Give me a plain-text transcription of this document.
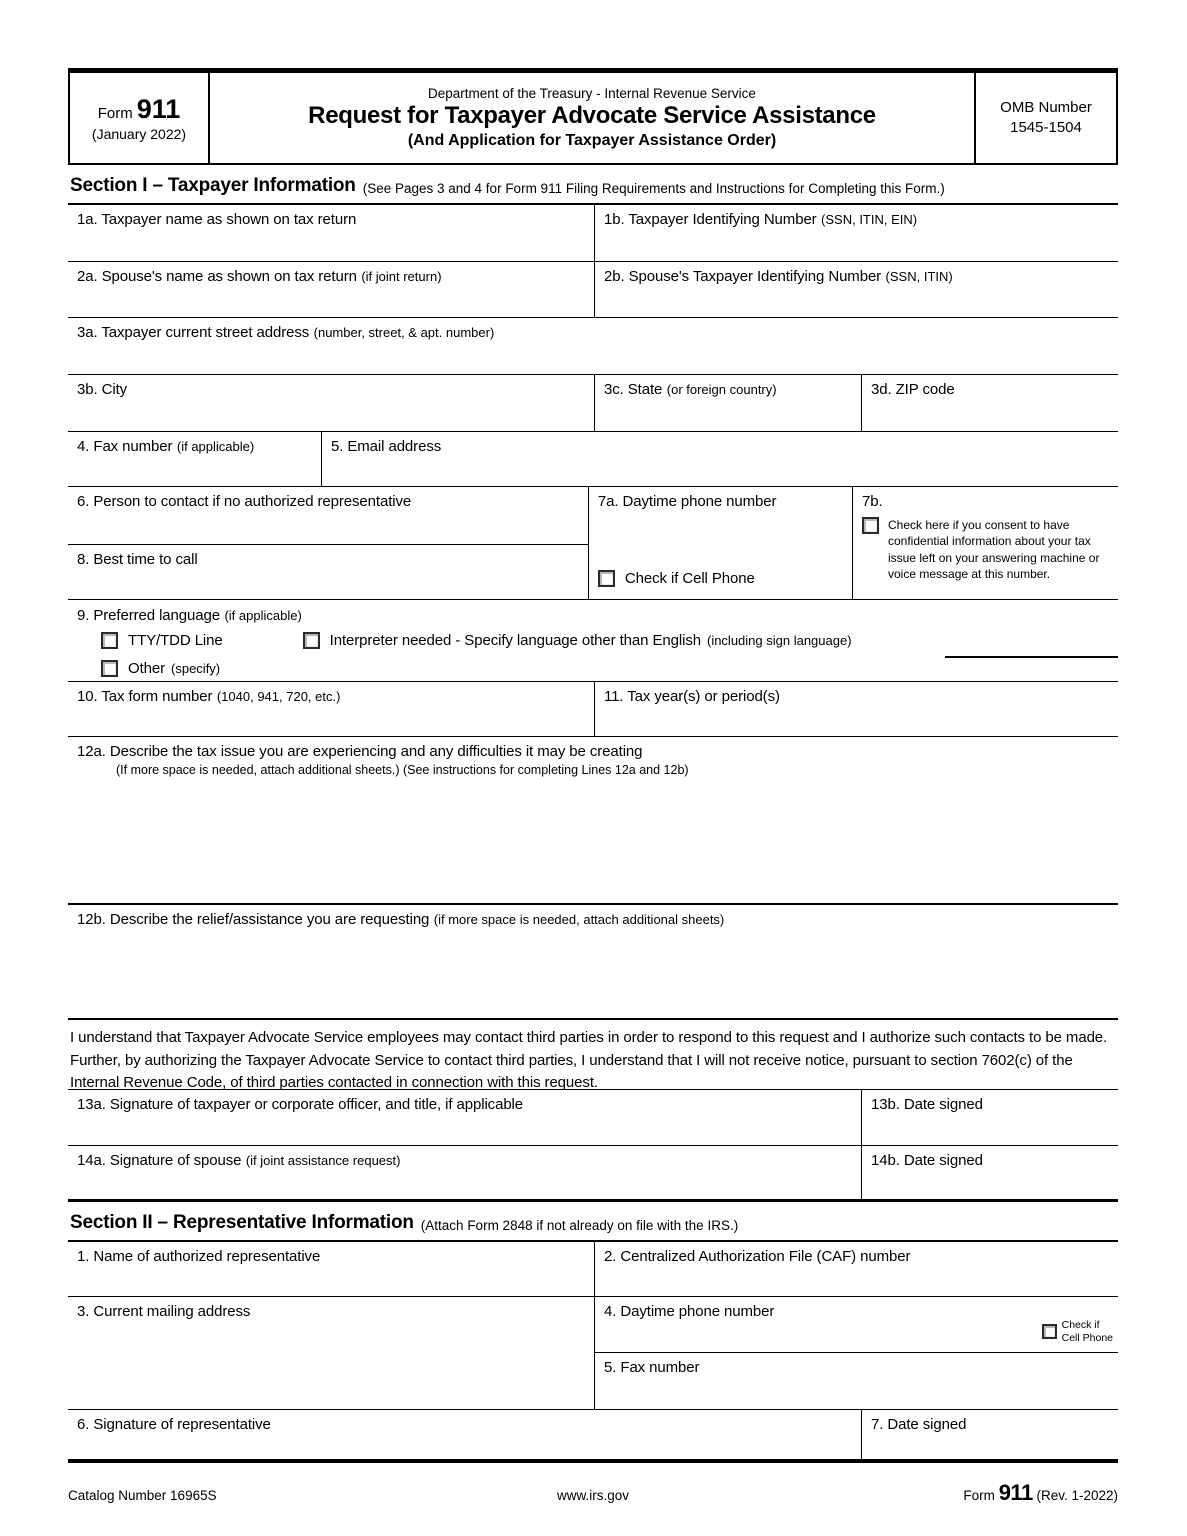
Form 911
(January 2022)
Department of the Treasury - Internal Revenue Service
Request for Taxpayer Advocate Service Assistance
(And Application for Taxpayer Assistance Order)
OMB Number
1545-1504
Section I – Taxpayer Information (See Pages 3 and 4 for Form 911 Filing Requirements and Instructions for Completing this Form.)
1a. Taxpayer name as shown on tax return	1b. Taxpayer Identifying Number (SSN, ITIN, EIN)
2a. Spouse's name as shown on tax return (if joint return)	2b. Spouse's Taxpayer Identifying Number (SSN, ITIN)
3a. Taxpayer current street address (number, street, & apt. number)
3b. City	3c. State (or foreign country)	3d. ZIP code
4. Fax number (if applicable)	5. Email address
6. Person to contact if no authorized representative
8. Best time to call
7a. Daytime phone number
Check if Cell Phone
7b.
Check here if you consent to have confidential information about your tax issue left on your answering machine or voice message at this number.
9. Preferred language (if applicable)
TTY/TDD Line	Interpreter needed - Specify language other than English (including sign language)
Other (specify)
10. Tax form number (1040, 941, 720, etc.)	11. Tax year(s) or period(s)
12a. Describe the tax issue you are experiencing and any difficulties it may be creating
(If more space is needed, attach additional sheets.) (See instructions for completing Lines 12a and 12b)
12b. Describe the relief/assistance you are requesting (if more space is needed, attach additional sheets)
I understand that Taxpayer Advocate Service employees may contact third parties in order to respond to this request and I authorize such contacts to be made. Further, by authorizing the Taxpayer Advocate Service to contact third parties, I understand that I will not receive notice, pursuant to section 7602(c) of the Internal Revenue Code, of third parties contacted in connection with this request.
13a. Signature of taxpayer or corporate officer, and title, if applicable	13b. Date signed
14a. Signature of spouse (if joint assistance request)	14b. Date signed
Section II – Representative Information (Attach Form 2848 if not already on file with the IRS.)
1. Name of authorized representative	2. Centralized Authorization File (CAF) number
3. Current mailing address	4. Daytime phone number
Check if
Cell Phone
5. Fax number
6. Signature of representative	7. Date signed
Catalog Number 16965S	www.irs.gov	Form 911 (Rev. 1-2022)
